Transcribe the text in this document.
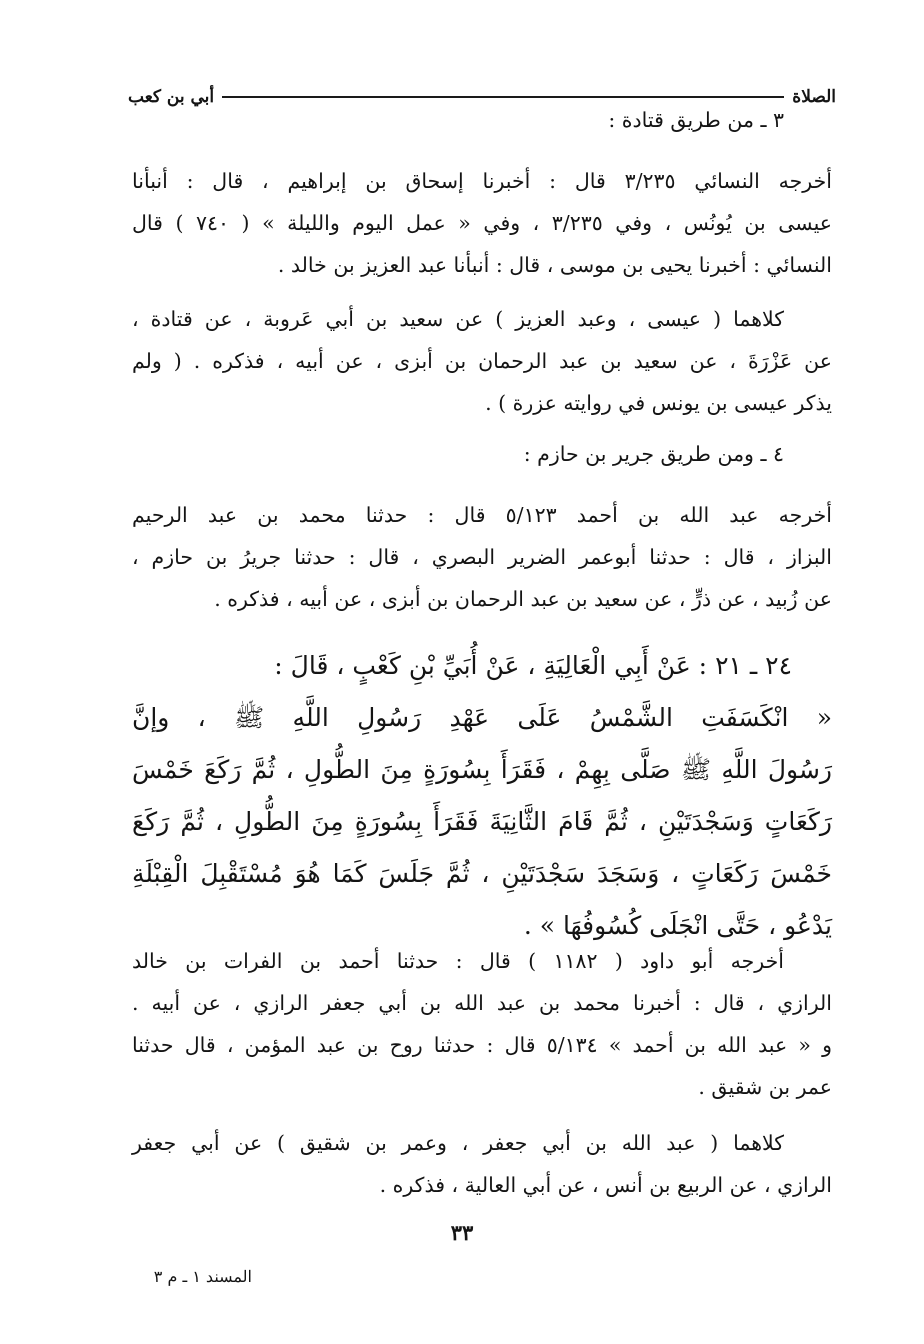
الصلاة
أبي بن كعب
٣ ـ من طريق قتادة :
أخرجه النسائي ٣/٢٣٥ قال : أخبرنا إسحاق بن إبراهيم ، قال : أنبأنا
عيسى بن يُونُس ، وفي ٣/٢٣٥ ، وفي « عمل اليوم والليلة » ( ٧٤٠ ) قال
النسائي : أخبرنا يحيى بن موسى ، قال : أنبأنا عبد العزيز بن خالد .
كلاهما ( عيسى ، وعبد العزيز ) عن سعيد بن أبي عَروبة ، عن قتادة ،
عن عَزْرَةَ ، عن سعيد بن عبد الرحمان بن أبزى ، عن أبيه ، فذكره . ( ولم
يذكر عيسى بن يونس في روايته عزرة ) .
٤ ـ ومن طريق جرير بن حازم :
أخرجه عبد الله بن أحمد ٥/١٢٣ قال : حدثنا محمد بن عبد الرحيم
البزاز ، قال : حدثنا أبوعمر الضرير البصري ، قال : حدثنا جريرُ بن حازم ،
عن زُبيد ، عن ذرٍّ ، عن سعيد بن عبد الرحمان بن أبزى ، عن أبيه ، فذكره .
٢٤ ـ ٢١ : عَنْ أَبِي الْعَالِيَةِ ، عَنْ أُبَيِّ بْنِ كَعْبٍ ، قَالَ :
« انْكَسَفَتِ الشَّمْسُ عَلَى عَهْدِ رَسُولِ اللَّهِ ﷺ ، وإنَّ
رَسُولَ اللَّهِ ﷺ صَلَّى بِهِمْ ، فَقَرَأَ بِسُورَةٍ مِنَ الطُّولِ ، ثُمَّ رَكَعَ خَمْسَ
رَكَعَاتٍ وَسَجْدَتَيْنِ ، ثُمَّ قَامَ الثَّانِيَةَ فَقَرَأَ بِسُورَةٍ مِنَ الطُّولِ ، ثُمَّ رَكَعَ
خَمْسَ رَكَعَاتٍ ، وَسَجَدَ سَجْدَتَيْنِ ، ثُمَّ جَلَسَ كَمَا هُوَ مُسْتَقْبِلَ الْقِبْلَةِ
يَدْعُو ، حَتَّى انْجَلَى كُسُوفُهَا » .
أخرجه أبو داود ( ١١٨٢ ) قال : حدثنا أحمد بن الفرات بن خالد
الرازي ، قال : أخبرنا محمد بن عبد الله بن أبي جعفر الرازي ، عن أبيه .
و « عبد الله بن أحمد » ٥/١٣٤ قال : حدثنا روح بن عبد المؤمن ، قال حدثنا
عمر بن شقيق .
كلاهما ( عبد الله بن أبي جعفر ، وعمر بن شقيق ) عن أبي جعفر
الرازي ، عن الربيع بن أنس ، عن أبي العالية ، فذكره .
٣٣
المسند ١ ـ م ٣
